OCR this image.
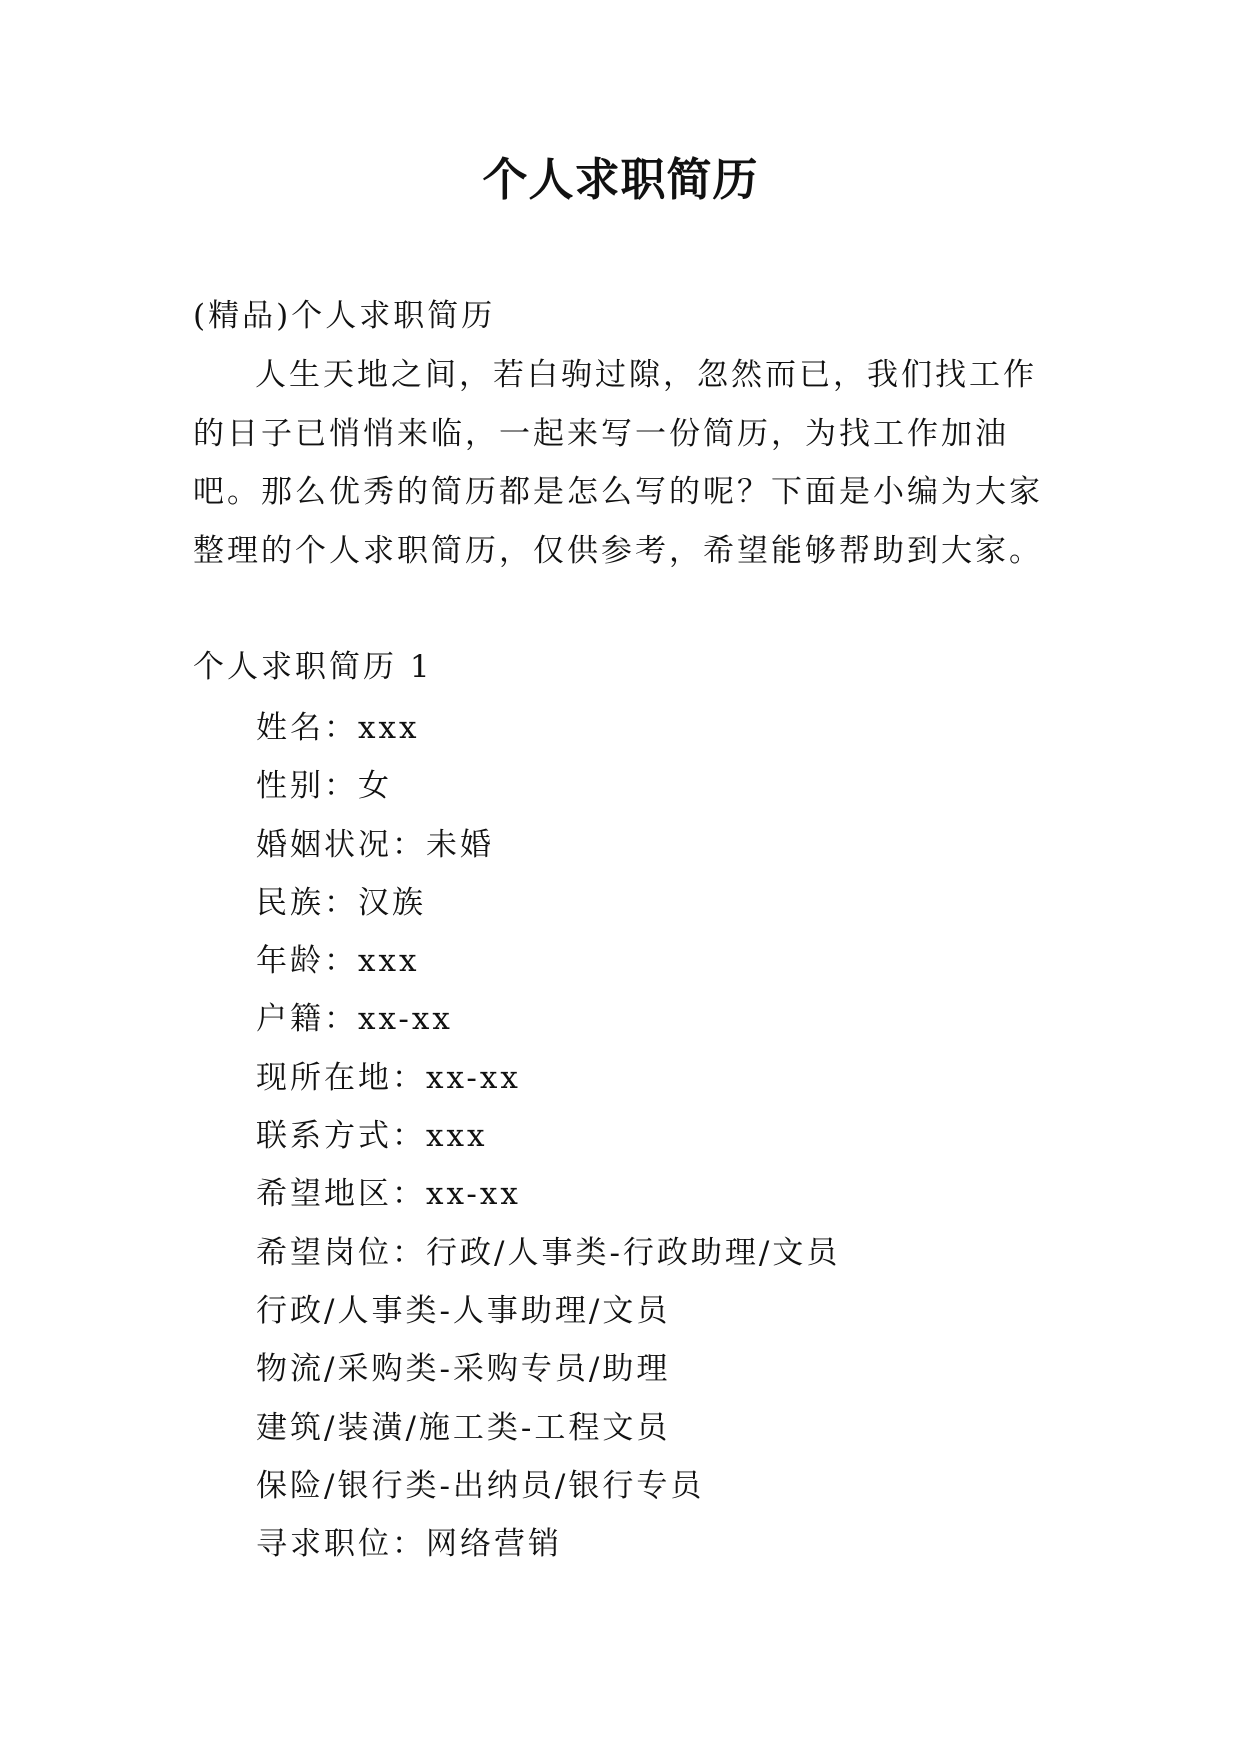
个人求职简历

(精品)个人求职简历

人生天地之间，若白驹过隙，忽然而已，我们找工作的日子已悄悄来临，一起来写一份简历，为找工作加油吧。那么优秀的简历都是怎么写的呢？下面是小编为大家整理的个人求职简历，仅供参考，希望能够帮助到大家。

个人求职简历 1

姓名：xxx
性别：女
婚姻状况：未婚
民族：汉族
年龄：xxx
户籍：xx-xx
现所在地：xx-xx
联系方式：xxx
希望地区：xx-xx
希望岗位：行政/人事类-行政助理/文员
行政/人事类-人事助理/文员
物流/采购类-采购专员/助理
建筑/装潢/施工类-工程文员
保险/银行类-出纳员/银行专员
寻求职位：网络营销
